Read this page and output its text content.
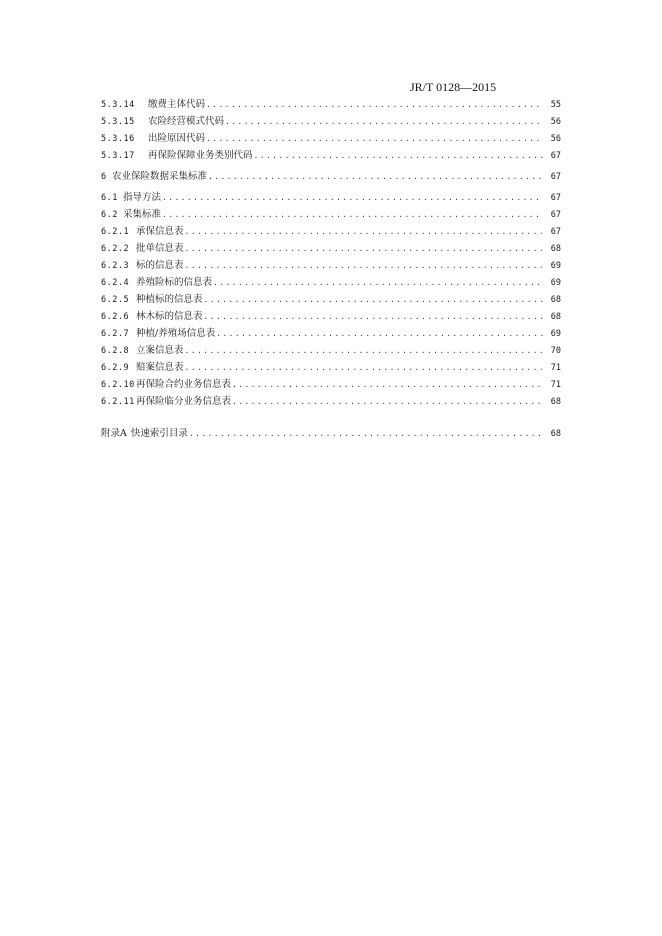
JR/T 0128—2015
5.3.14	缴费主体代码 .....	55
5.3.15	农险经营模式代码 .....	56
5.3.16	出险原因代码 .....	56
5.3.17	再保险保障业务类别代码 .....	67
6 农业保险数据采集标准 .....	67
6.1 指导方法 .....	67
6.2 采集标准 .....	67
6.2.1 承保信息表 .....	67
6.2.2 批单信息表 .....	68
6.2.3 标的信息表 .....	69
6.2.4 养殖险标的信息表 .....	69
6.2.5 种植标的信息表 .....	68
6.2.6 林木标的信息表 .....	68
6.2.7 种植/养殖场信息表 .....	69
6.2.8 立案信息表 .....	70
6.2.9 赔案信息表 .....	71
6.2.10 再保险合约业务信息表 .....	71
6.2.11 再保险临分业务信息表 .....	68
附录A 快速索引目录 .....	68
